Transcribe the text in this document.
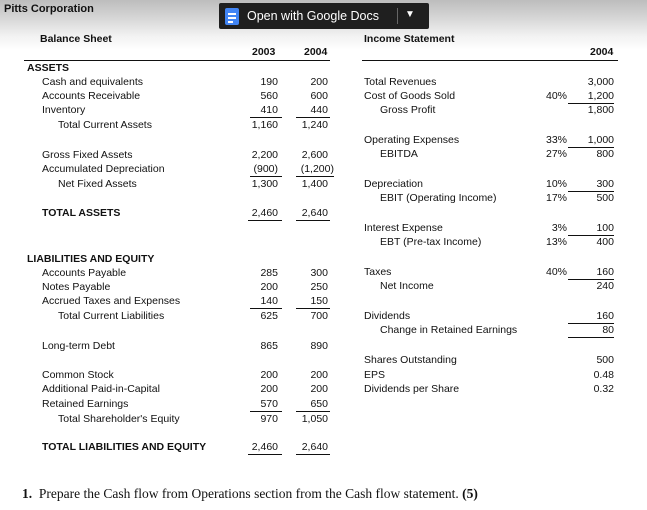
Pitts Corporation	Open with Google Docs	▼
Balance Sheet
2003	2004
ASSETS
Cash and equivalents	190	200
Accounts Receivable	560	600
Inventory	410	440
Total Current Assets	1,160	1,240
Gross Fixed Assets	2,200	2,600
Accumulated Depreciation	(900)	(1,200)
Net Fixed Assets	1,300	1,400
TOTAL ASSETS	2,460	2,640
LIABILITIES AND EQUITY
Accounts Payable	285	300
Notes Payable	200	250
Accrued Taxes and Expenses	140	150
Total Current Liabilities	625	700
Long-term Debt	865	890
Common Stock	200	200
Additional Paid-in-Capital	200	200
Retained Earnings	570	650
Total Shareholder's Equity	970	1,050
TOTAL LIABILITIES AND EQUITY	2,460	2,640
Income Statement
2004
Total Revenues	3,000
Cost of Goods Sold	40%	1,200
Gross Profit	1,800
Operating Expenses	33%	1,000
EBITDA	27%	800
Depreciation	10%	300
EBIT (Operating Income)	17%	500
Interest Expense	3%	100
EBT (Pre-tax Income)	13%	400
Taxes	40%	160
Net Income	240
Dividends	160
Change in Retained Earnings	80
Shares Outstanding	500
EPS	0.48
Dividends per Share	0.32
1. Prepare the Cash flow from Operations section from the Cash flow statement. (5)
